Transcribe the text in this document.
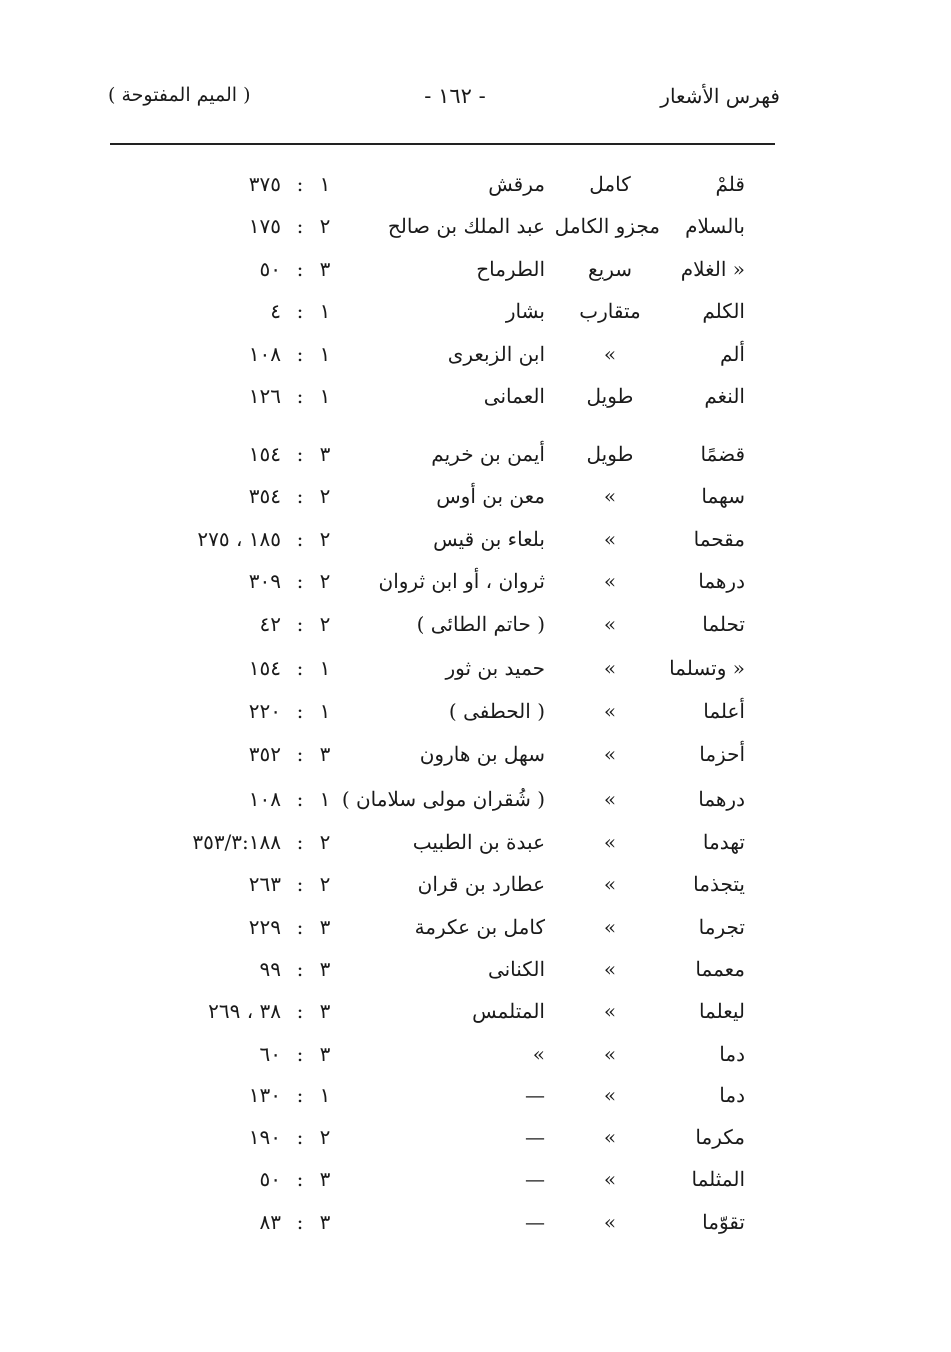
فهرس الأشعار
- ١٦٢ -
( الميم المفتوحة )
قلمْ
كامل
مرقش
١
:
٣٧٥
بالسلام
مجزو الكامل
عبد الملك بن صالح
٢
:
١٧٥
« الغلام
سريع
الطرماح
٣
:
٥٠
الكلم
متقارب
بشار
١
:
٤
ألم
»
ابن الزبعرى
١
:
١٠٨
النغم
طويل
العمانى
١
:
١٢٦
قضمًا
طويل
أيمن بن خريم
٣
:
١٥٤
سهما
»
معن بن أوس
٢
:
٣٥٤
مقحما
»
بلعاء بن قيس
٢
:
١٨٥ ، ٢٧٥
درهما
»
ثروان ، أو ابن ثروان
٢
:
٣٠٩
تحلما
»
( حاتم الطائى )
٢
:
٤٢
« وتسلما
»
حميد بن ثور
١
:
١٥٤
أعلما
»
( الحطفى )
١
:
٢٢٠
أحزما
»
سهل بن هارون
٣
:
٣٥٢
درهما
»
( شُقران مولى سلامان )
١
:
١٠٨
تهدما
»
عبدة بن الطبيب
٢
:
٣٥٣/٣:١٨٨
يتجذما
»
عطارد بن قران
٢
:
٢٦٣
تجرما
»
كامل بن عكرمة
٣
:
٢٢٩
معمما
»
الكنانى
٣
:
٩٩
ليعلما
»
المتلمس
٣
:
٣٨ ، ٢٦٩
دما
»
»
٣
:
٦٠
دما
»
—
١
:
١٣٠
مكرما
»
—
٢
:
١٩٠
المثلما
»
—
٣
:
٥٠
تقوّما
»
—
٣
:
٨٣
